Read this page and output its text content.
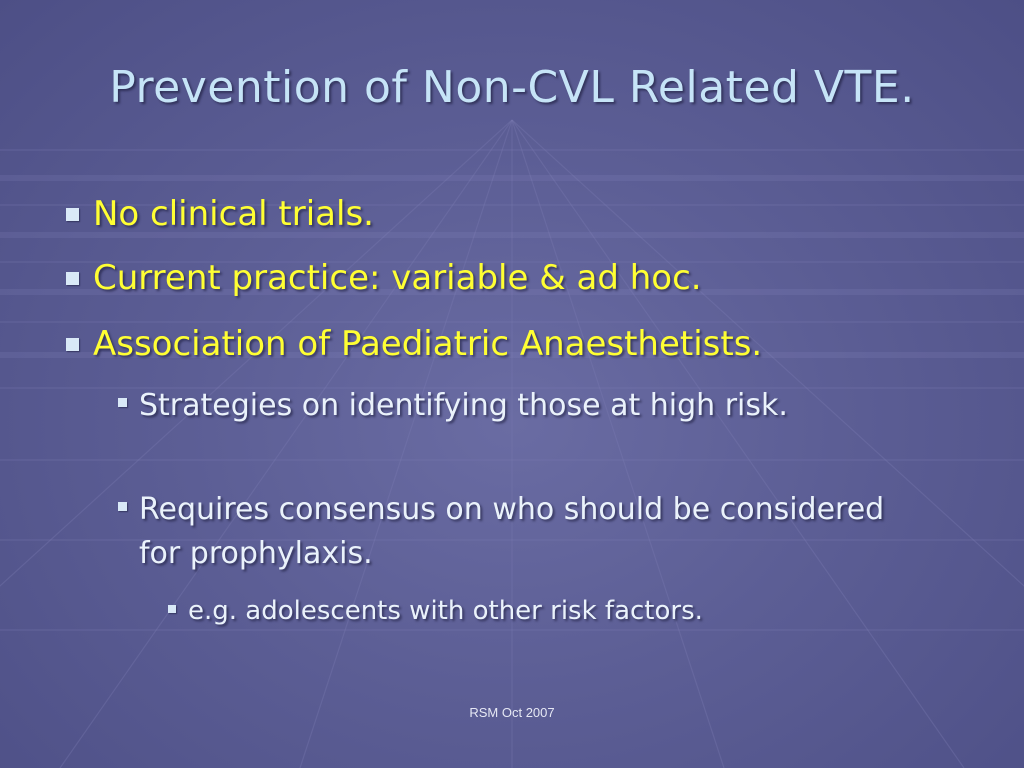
Prevention of Non-CVL Related VTE.
No clinical trials.
Current practice: variable & ad hoc.
Association of Paediatric Anaesthetists.
Strategies on identifying those at high risk.
Requires consensus on who should be considered for prophylaxis.
e.g. adolescents with other risk factors.
RSM Oct 2007
